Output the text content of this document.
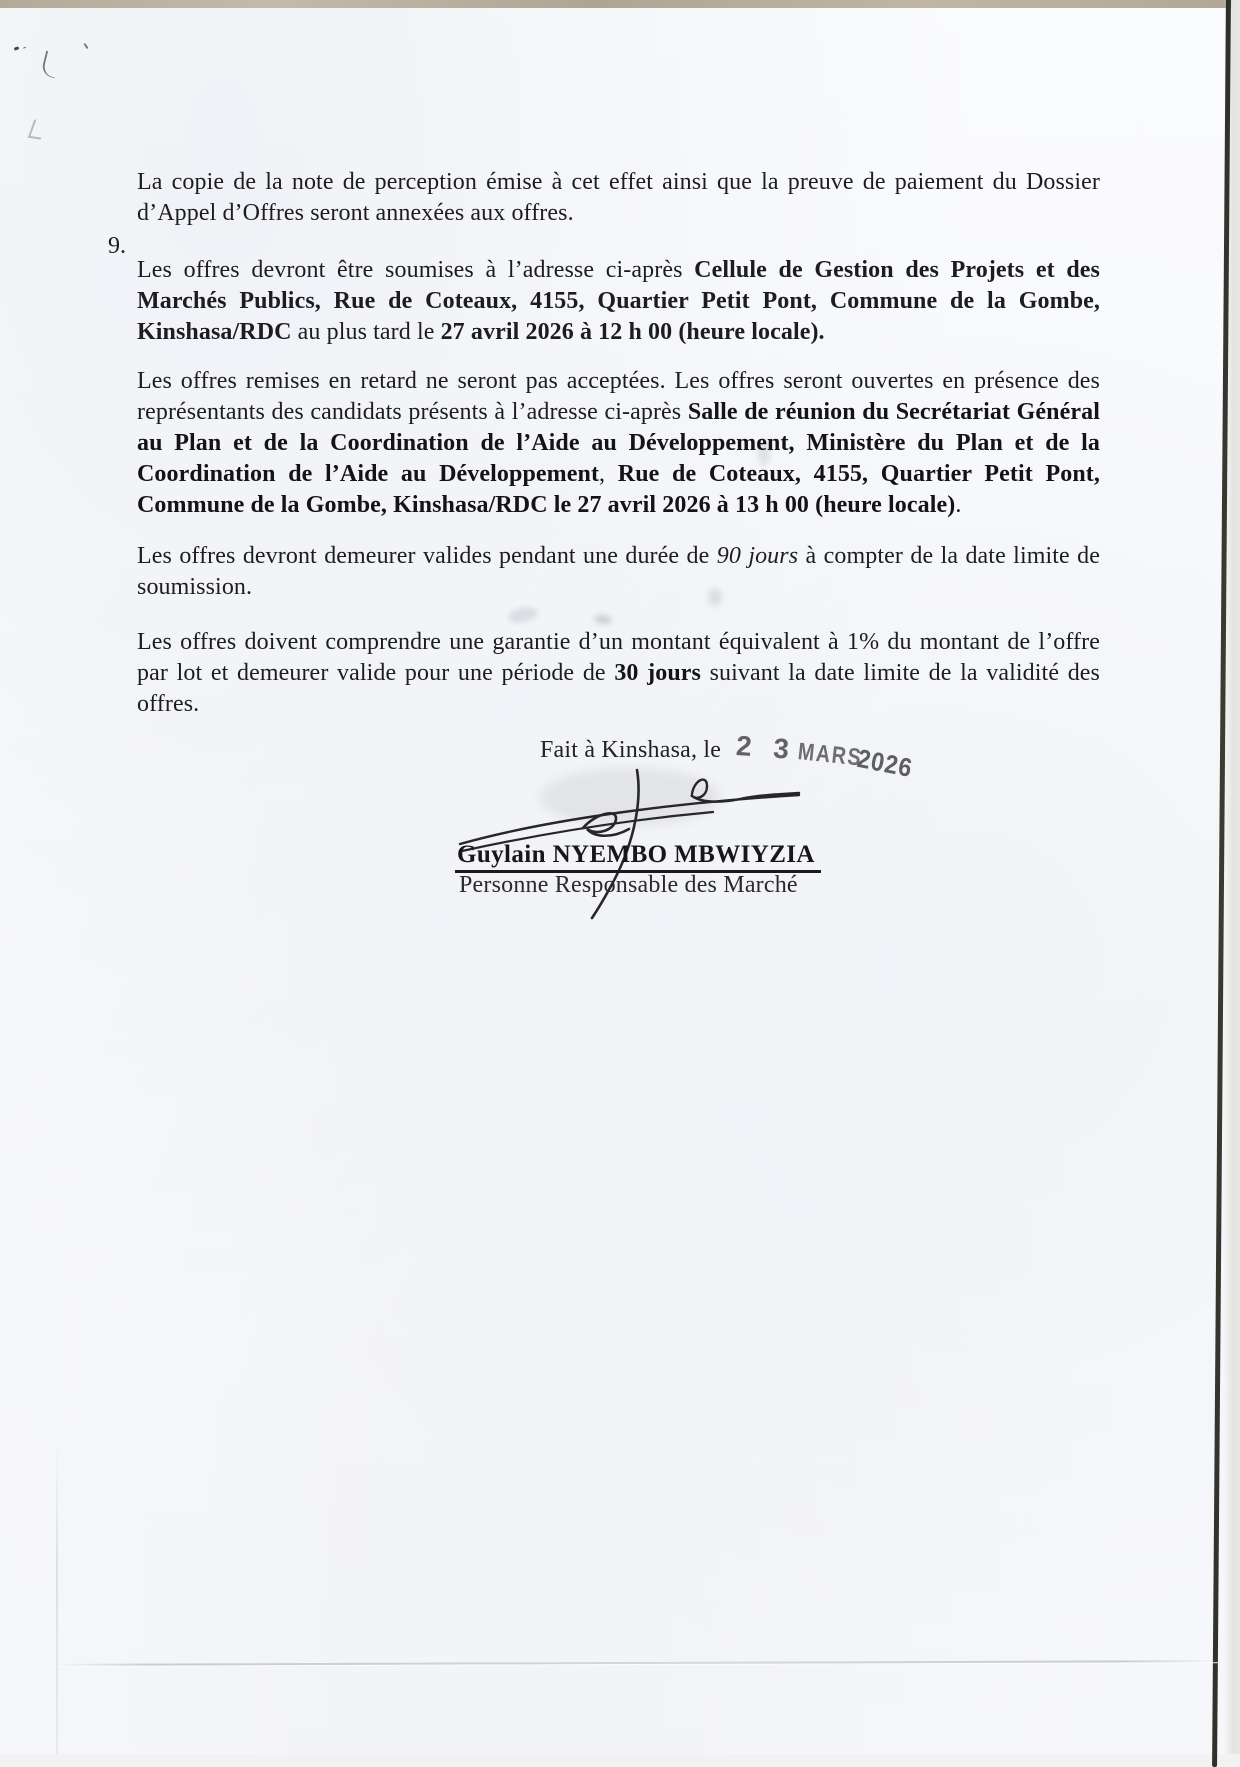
La copie de la note de perception émise à cet effet ainsi que la preuve de paiement du Dossier d’Appel d’Offres seront annexées aux offres.

9.

Les offres devront être soumises à l’adresse ci-après Cellule de Gestion des Projets et des Marchés Publics, Rue de Coteaux, 4155, Quartier Petit Pont, Commune de la Gombe, Kinshasa/RDC au plus tard le 27 avril 2026 à 12 h 00 (heure locale).

Les offres remises en retard ne seront pas acceptées. Les offres seront ouvertes en présence des représentants des candidats présents à l’adresse ci-après Salle de réunion du Secrétariat Général au Plan et de la Coordination de l’Aide au Développement, Ministère du Plan et de la Coordination de l’Aide au Développement, Rue de Coteaux, 4155, Quartier Petit Pont, Commune de la Gombe, Kinshasa/RDC le 27 avril 2026 à 13 h 00 (heure locale).

Les offres devront demeurer valides pendant une durée de 90 jours à compter de la date limite de soumission.

Les offres doivent comprendre une garantie d’un montant équivalent à 1% du montant de l’offre par lot et demeurer valide pour une période de 30 jours suivant la date limite de la validité des offres.

Fait à Kinshasa, le 2 3 MARS
2026
Guylain NYEMBO MBWIYZIA
Personne Responsable des Marché
